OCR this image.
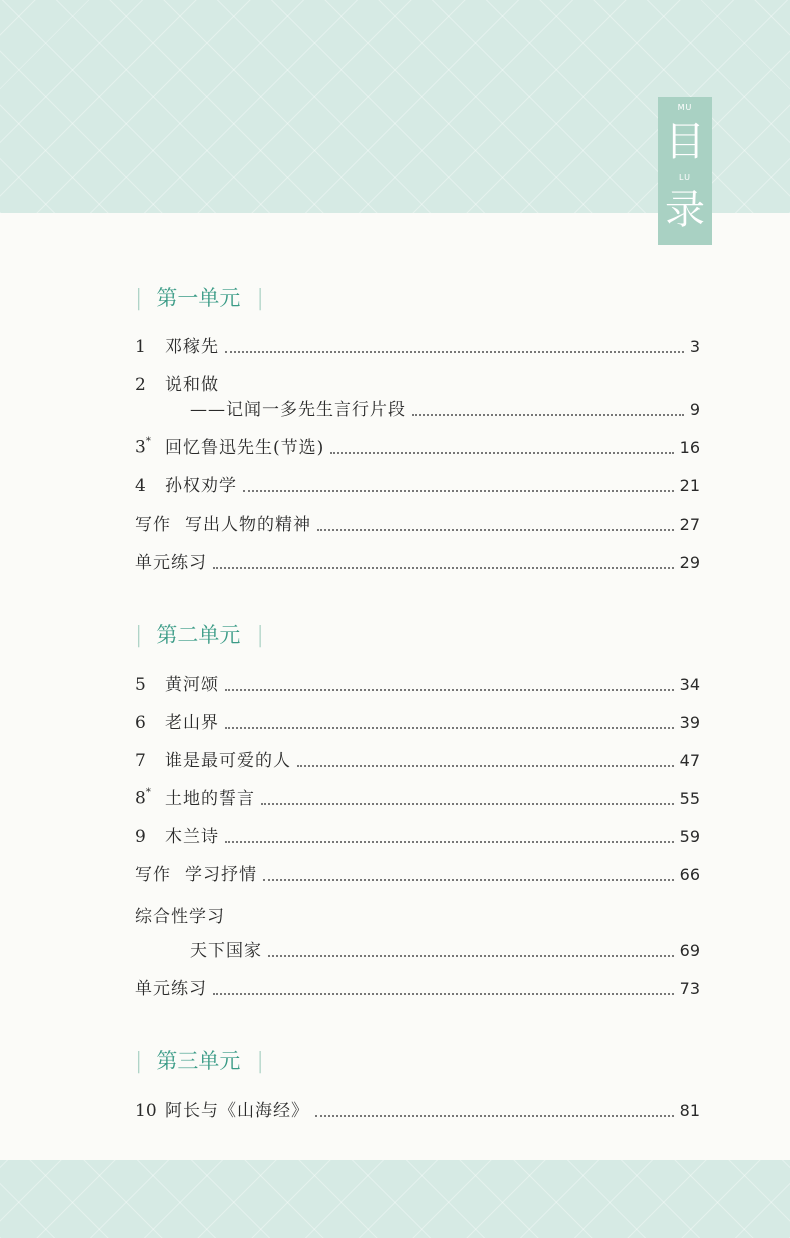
MU
目
LU
录
| 第一单元 |
1	邓稼先	3
2	说和做
——记闻一多先生言行片段	9
3* 回忆鲁迅先生(节选)	16
4	孙权劝学	21
写作 写出人物的精神	27
单元练习	29
| 第二单元 |
5	黄河颂	34
6	老山界	39
7	谁是最可爱的人	47
8* 土地的誓言	55
9	木兰诗	59
写作 学习抒情	66
综合性学习
天下国家	69
单元练习	73
| 第三单元 |
10 阿长与《山海经》	81
